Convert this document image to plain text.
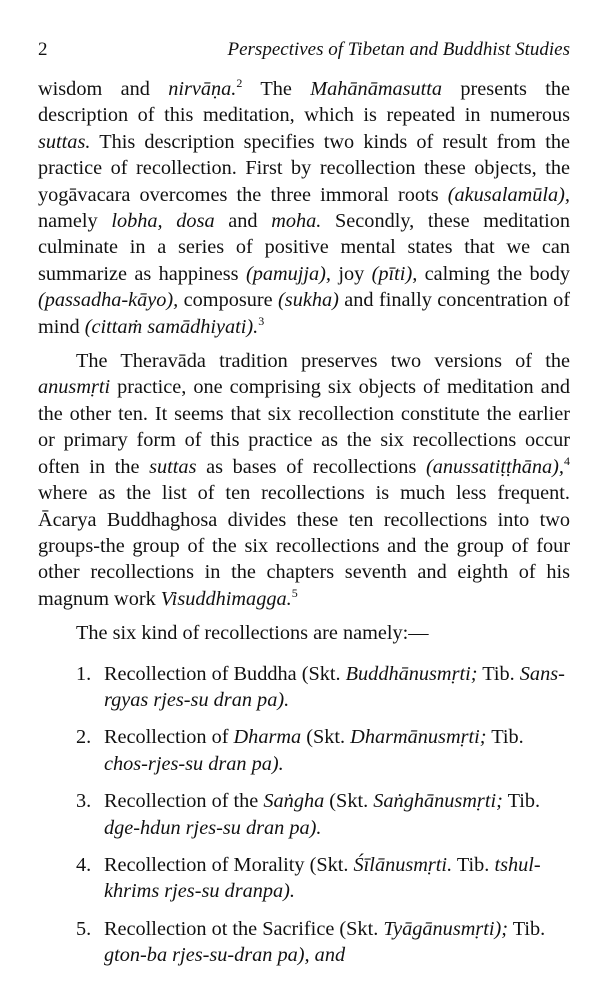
2	Perspectives of Tibetan and Buddhist Studies

wisdom and nirvāṇa.$^2$ The Mahānāmasutta presents the description of this meditation, which is repeated in numerous suttas. This description specifies two kinds of result from the practice of recollection. First by recollection these objects, the yogāvacara overcomes the three immoral roots (akusalamūla), namely lobha, dosa and moha. Secondly, these meditation culminate in a series of positive mental states that we can summarize as happiness (pamujja), joy (pīti), calming the body (passadha-kāyo), composure (sukha) and finally concentration of mind (cittaṁ samādhiyati).$^3$

The Theravāda tradition preserves two versions of the anusmṛti practice, one comprising six objects of meditation and the other ten. It seems that six recollection constitute the earlier or primary form of this practice as the six recollections occur often in the suttas as bases of recollections (anussatiṭṭhāna),$^4$ where as the list of ten recollections is much less frequent. Ācarya Buddhaghosa divides these ten recollections into two groups-the group of the six recollections and the group of four other recollections in the chapters seventh and eighth of his magnum work Visuddhimagga.$^5$

The six kind of recollections are namely:—

1. Recollection of Buddha (Skt. Buddhānusmṛti; Tib. Sans-rgyas rjes-su dran pa).
2. Recollection of Dharma (Skt. Dharmānusmṛti; Tib. chos-rjes-su dran pa).
3. Recollection of the Saṅgha (Skt. Saṅghānusmṛti; Tib. dge-hdun rjes-su dran pa).
4. Recollection of Morality (Skt. Śīlānusmṛti. Tib. tshul-khrims rjes-su dranpa).
5. Recollection ot the Sacrifice (Skt. Tyāgānusmṛti); Tib. gton-ba rjes-su-dran pa), and
